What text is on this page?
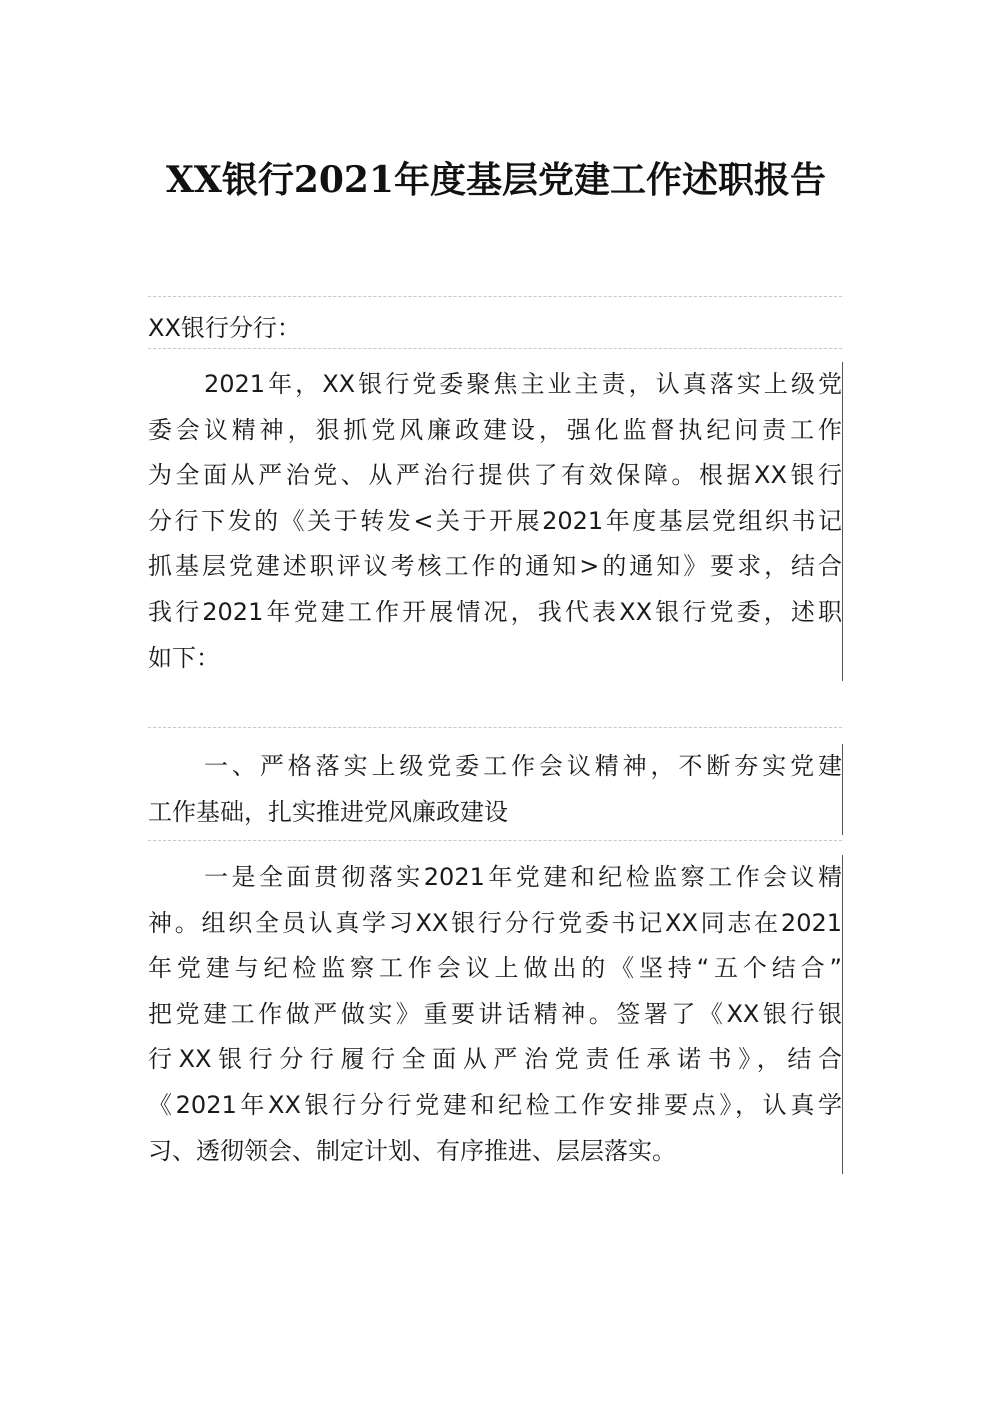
XX银行2021年度基层党建工作述职报告
XX银行分行：
2021年，XX银行党委聚焦主业主责，认真落实上级党
委会议精神，狠抓党风廉政建设，强化监督执纪问责工作
为全面从严治党、从严治行提供了有效保障。根据XX银行
分行下发的《关于转发<关于开展2021年度基层党组织书记
抓基层党建述职评议考核工作的通知>的通知》要求，结合
我行2021年党建工作开展情况，我代表XX银行党委，述职
如下：
一、严格落实上级党委工作会议精神，不断夯实党建
工作基础，扎实推进党风廉政建设
一是全面贯彻落实2021年党建和纪检监察工作会议精
神。组织全员认真学习XX银行分行党委书记XX同志在2021
年党建与纪检监察工作会议上做出的《坚持“五个结合”
把党建工作做严做实》重要讲话精神。签署了《XX银行银
行XX银行分行履行全面从严治党责任承诺书》，结合
《2021年XX银行分行党建和纪检工作安排要点》，认真学
习、透彻领会、制定计划、有序推进、层层落实。
